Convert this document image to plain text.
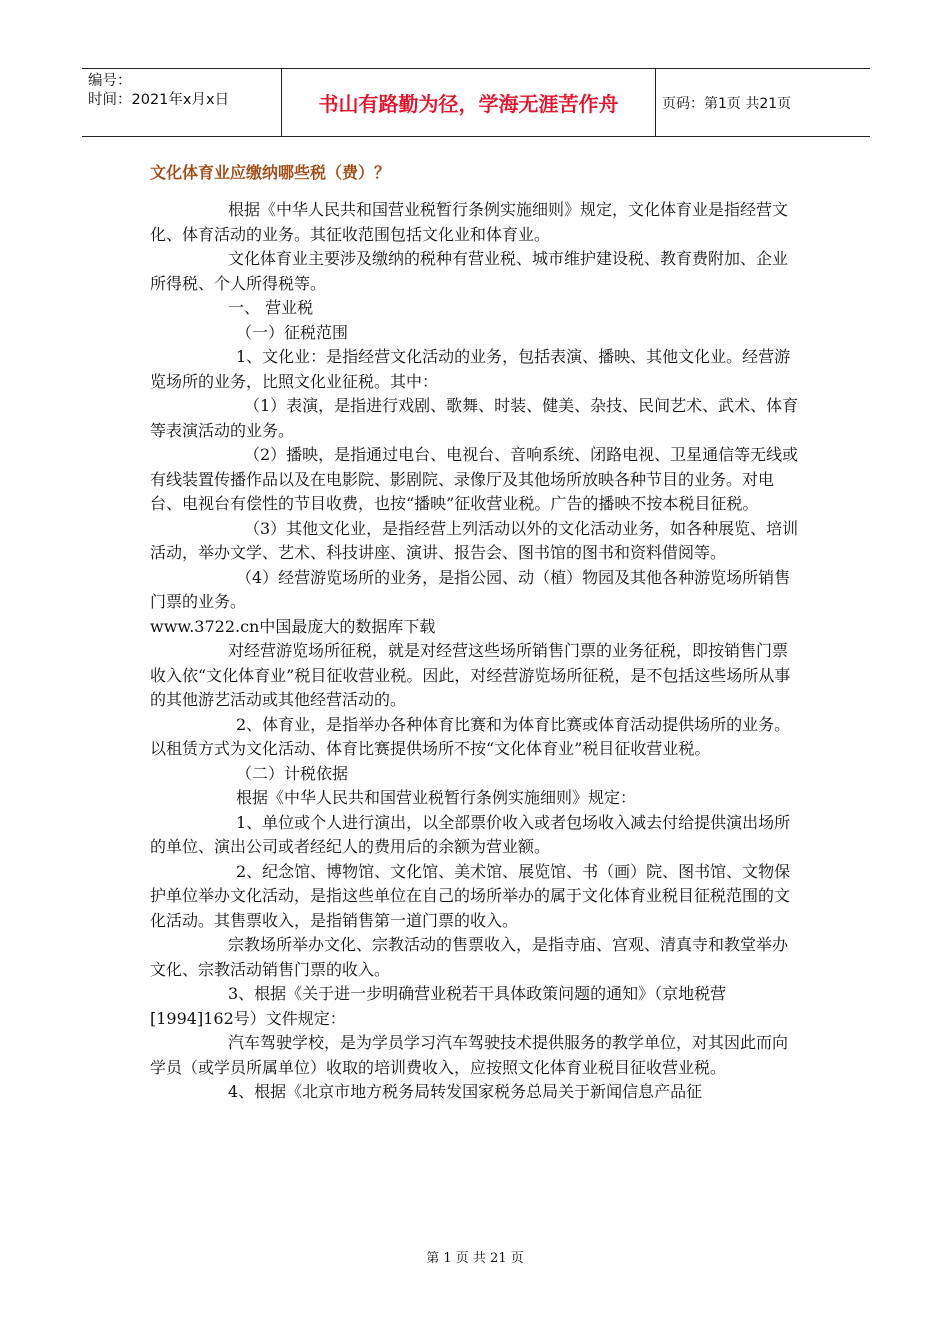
编号：
时间：2021年x月x日	书山有路勤为径，学海无涯苦作舟	页码：第1页 共21页
文化体育业应缴纳哪些税（费）？

根据《中华人民共和国营业税暂行条例实施细则》规定，文化体育业是指经营文化、体育活动的业务。其征收范围包括文化业和体育业。

文化体育业主要涉及缴纳的税种有营业税、城市维护建设税、教育费附加、企业所得税、个人所得税等。

一、 营业税

（一）征税范围

1、文化业：是指经营文化活动的业务，包括表演、播映、其他文化业。经营游览场所的业务，比照文化业征税。其中：

（1）表演，是指进行戏剧、歌舞、时装、健美、杂技、民间艺术、武术、体育等表演活动的业务。

（2）播映，是指通过电台、电视台、音响系统、闭路电视、卫星通信等无线或有线装置传播作品以及在电影院、影剧院、录像厅及其他场所放映各种节目的业务。对电台、电视台有偿性的节目收费，也按“播映”征收营业税。广告的播映不按本税目征税。

（3）其他文化业，是指经营上列活动以外的文化活动业务，如各种展览、培训活动，举办文学、艺术、科技讲座、演讲、报告会、图书馆的图书和资料借阅等。

（4）经营游览场所的业务，是指公园、动（植）物园及其他各种游览场所销售门票的业务。

www.3722.cn中国最庞大的数据库下载

对经营游览场所征税，就是对经营这些场所销售门票的业务征税，即按销售门票收入依“文化体育业”税目征收营业税。因此，对经营游览场所征税，是不包括这些场所从事的其他游艺活动或其他经营活动的。

2、体育业，是指举办各种体育比赛和为体育比赛或体育活动提供场所的业务。以租赁方式为文化活动、体育比赛提供场所不按“文化体育业”税目征收营业税。

（二）计税依据

根据《中华人民共和国营业税暂行条例实施细则》规定：

1、单位或个人进行演出，以全部票价收入或者包场收入减去付给提供演出场所的单位、演出公司或者经纪人的费用后的余额为营业额。

2、纪念馆、博物馆、文化馆、美术馆、展览馆、书（画）院、图书馆、文物保护单位举办文化活动，是指这些单位在自己的场所举办的属于文化体育业税目征税范围的文化活动。其售票收入，是指销售第一道门票的收入。

宗教场所举办文化、宗教活动的售票收入，是指寺庙、宫观、清真寺和教堂举办文化、宗教活动销售门票的收入。

3、根据《关于进一步明确营业税若干具体政策问题的通知》（京地税营[1994]162号）文件规定：

汽车驾驶学校，是为学员学习汽车驾驶技术提供服务的教学单位，对其因此而向学员（或学员所属单位）收取的培训费收入，应按照文化体育业税目征收营业税。

4、根据《北京市地方税务局转发国家税务总局关于新闻信息产品征

第 1 页 共 21 页
